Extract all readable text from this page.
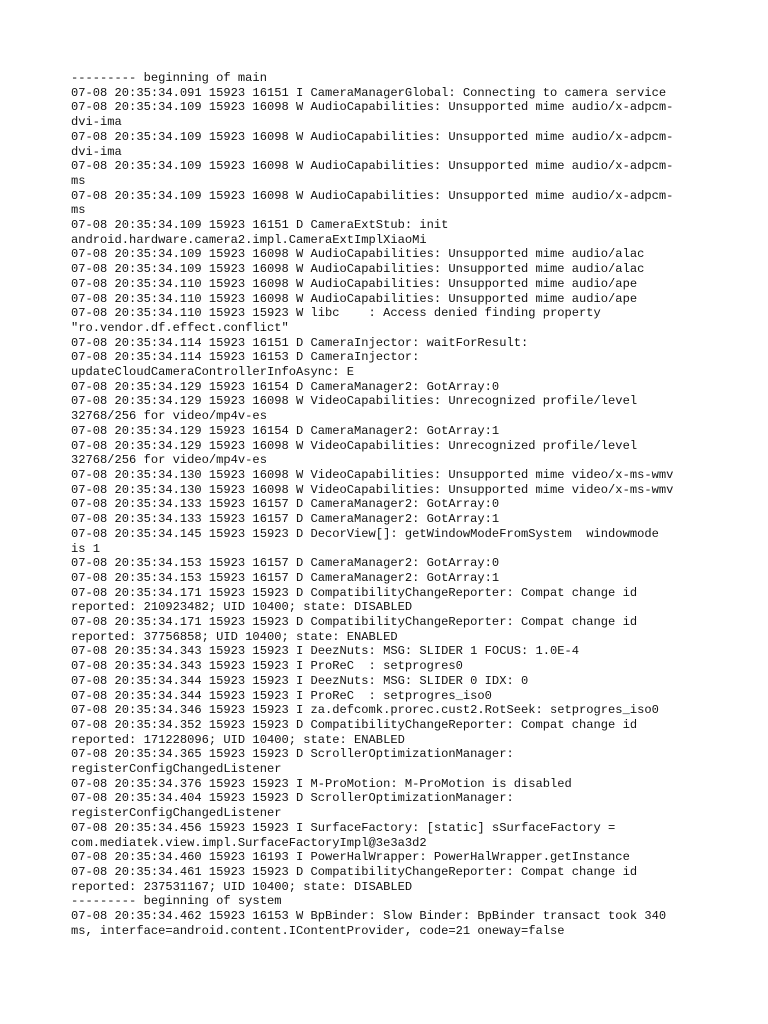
--------- beginning of main
07-08 20:35:34.091 15923 16151 I CameraManagerGlobal: Connecting to camera service
07-08 20:35:34.109 15923 16098 W AudioCapabilities: Unsupported mime audio/x-adpcm-
dvi-ima
07-08 20:35:34.109 15923 16098 W AudioCapabilities: Unsupported mime audio/x-adpcm-
dvi-ima
07-08 20:35:34.109 15923 16098 W AudioCapabilities: Unsupported mime audio/x-adpcm-
ms
07-08 20:35:34.109 15923 16098 W AudioCapabilities: Unsupported mime audio/x-adpcm-
ms
07-08 20:35:34.109 15923 16151 D CameraExtStub: init
android.hardware.camera2.impl.CameraExtImplXiaoMi
07-08 20:35:34.109 15923 16098 W AudioCapabilities: Unsupported mime audio/alac
07-08 20:35:34.109 15923 16098 W AudioCapabilities: Unsupported mime audio/alac
07-08 20:35:34.110 15923 16098 W AudioCapabilities: Unsupported mime audio/ape
07-08 20:35:34.110 15923 16098 W AudioCapabilities: Unsupported mime audio/ape
07-08 20:35:34.110 15923 15923 W libc    : Access denied finding property
"ro.vendor.df.effect.conflict"
07-08 20:35:34.114 15923 16151 D CameraInjector: waitForResult:
07-08 20:35:34.114 15923 16153 D CameraInjector:
updateCloudCameraControllerInfoAsync: E
07-08 20:35:34.129 15923 16154 D CameraManager2: GotArray:0
07-08 20:35:34.129 15923 16098 W VideoCapabilities: Unrecognized profile/level
32768/256 for video/mp4v-es
07-08 20:35:34.129 15923 16154 D CameraManager2: GotArray:1
07-08 20:35:34.129 15923 16098 W VideoCapabilities: Unrecognized profile/level
32768/256 for video/mp4v-es
07-08 20:35:34.130 15923 16098 W VideoCapabilities: Unsupported mime video/x-ms-wmv
07-08 20:35:34.130 15923 16098 W VideoCapabilities: Unsupported mime video/x-ms-wmv
07-08 20:35:34.133 15923 16157 D CameraManager2: GotArray:0
07-08 20:35:34.133 15923 16157 D CameraManager2: GotArray:1
07-08 20:35:34.145 15923 15923 D DecorView[]: getWindowModeFromSystem  windowmode
is 1
07-08 20:35:34.153 15923 16157 D CameraManager2: GotArray:0
07-08 20:35:34.153 15923 16157 D CameraManager2: GotArray:1
07-08 20:35:34.171 15923 15923 D CompatibilityChangeReporter: Compat change id
reported: 210923482; UID 10400; state: DISABLED
07-08 20:35:34.171 15923 15923 D CompatibilityChangeReporter: Compat change id
reported: 37756858; UID 10400; state: ENABLED
07-08 20:35:34.343 15923 15923 I DeezNuts: MSG: SLIDER 1 FOCUS: 1.0E-4
07-08 20:35:34.343 15923 15923 I ProReC  : setprogres0
07-08 20:35:34.344 15923 15923 I DeezNuts: MSG: SLIDER 0 IDX: 0
07-08 20:35:34.344 15923 15923 I ProReC  : setprogres_iso0
07-08 20:35:34.346 15923 15923 I za.defcomk.prorec.cust2.RotSeek: setprogres_iso0
07-08 20:35:34.352 15923 15923 D CompatibilityChangeReporter: Compat change id
reported: 171228096; UID 10400; state: ENABLED
07-08 20:35:34.365 15923 15923 D ScrollerOptimizationManager:
registerConfigChangedListener
07-08 20:35:34.376 15923 15923 I M-ProMotion: M-ProMotion is disabled
07-08 20:35:34.404 15923 15923 D ScrollerOptimizationManager:
registerConfigChangedListener
07-08 20:35:34.456 15923 15923 I SurfaceFactory: [static] sSurfaceFactory =
com.mediatek.view.impl.SurfaceFactoryImpl@3e3a3d2
07-08 20:35:34.460 15923 16193 I PowerHalWrapper: PowerHalWrapper.getInstance
07-08 20:35:34.461 15923 15923 D CompatibilityChangeReporter: Compat change id
reported: 237531167; UID 10400; state: DISABLED
--------- beginning of system
07-08 20:35:34.462 15923 16153 W BpBinder: Slow Binder: BpBinder transact took 340
ms, interface=android.content.IContentProvider, code=21 oneway=false
